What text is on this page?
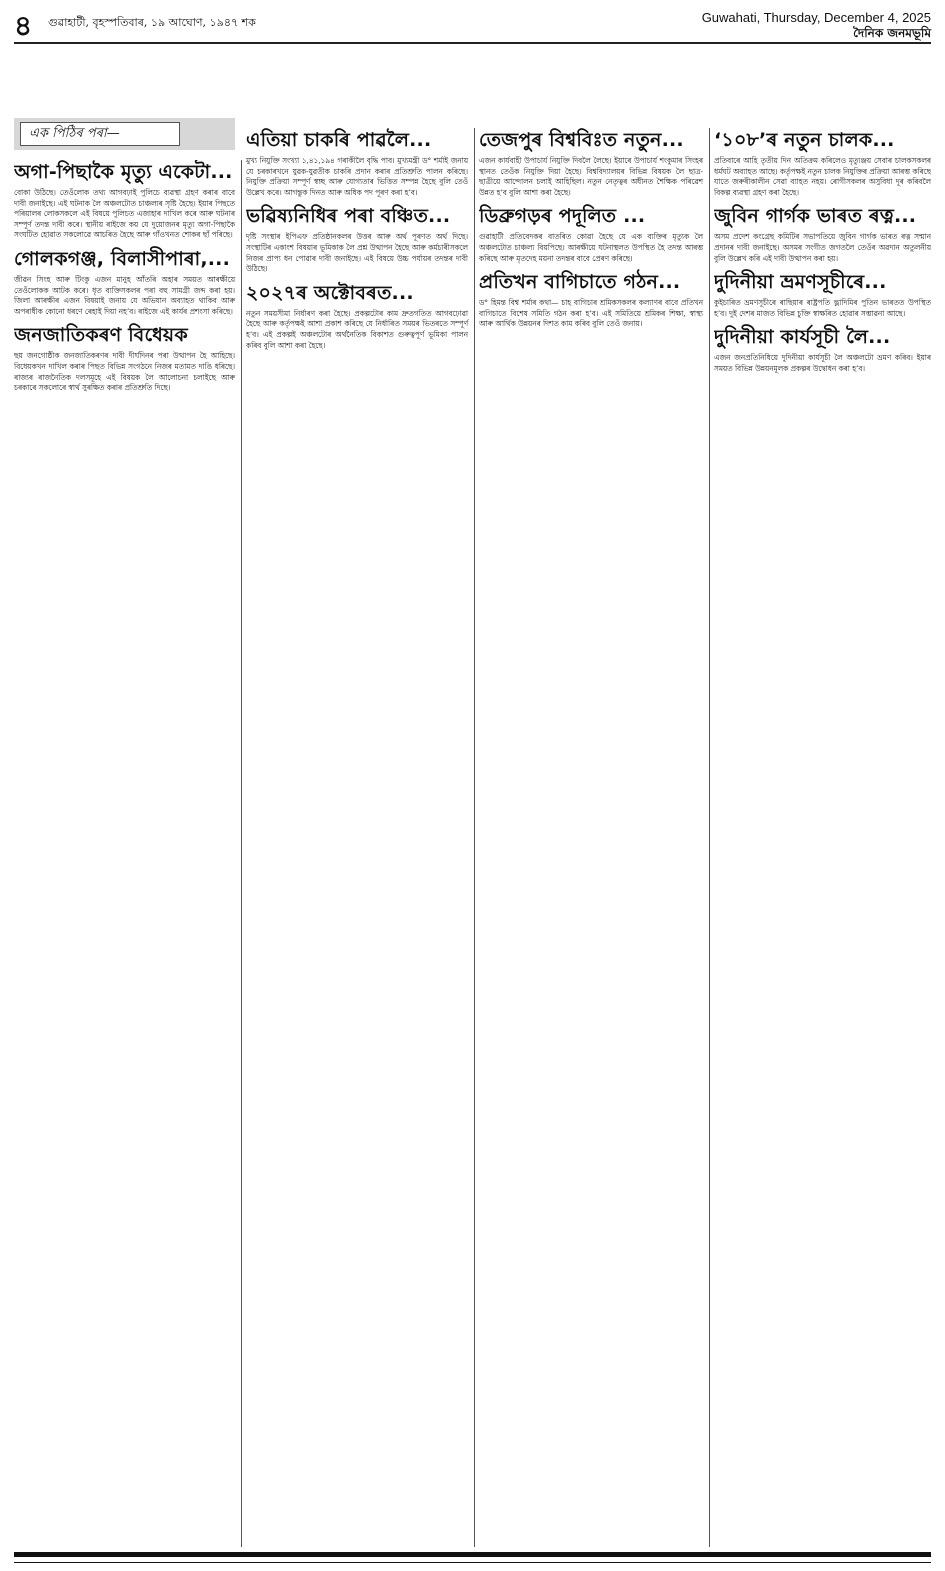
৪ গুৱাহাটী, বৃহস্পতিবাৰ, ১৯ আঘোণ, ১৯৪৭ শক	Guwahati, Thursday, December 4, 2025
দৈনিক জনমভূমি
এক পিঠিৰ পৰা—
অগা-পিছাকৈ মৃত্যু একেটা...
বোকা উঠিছে। তেওঁলোক তথ্য আগবঢ়াই পুলিচে ব্যৱস্থা গ্ৰহণ কৰাৰ বাবে দাবী জনাইছে। এই ঘটনাক লৈ অঞ্চলটোত চাঞ্চল্যৰ সৃষ্টি হৈছে। ইয়াৰ পিছতে পৰিয়ালৰ লোকসকলে এই বিষয়ে পুলিচত এজাহাৰ দাখিল কৰে আৰু ঘটনাৰ সম্পূৰ্ণ তদন্ত দাবী কৰে। স্থানীয় ৰাইজে কয় যে দুয়োজনৰ মৃত্যু অগা-পিছাকৈ সংঘটিত হোৱাত সকলোৱে আচৰিত হৈছে আৰু গাঁওখনত শোকৰ ছাঁ পৰিছে।
গোলকগঞ্জ, বিলাসীপাৰা,...
জীৱন সিংহ আৰু টিংকু এজন মানুহ আঁতৰি অহাৰ সময়ত আৰক্ষীয়ে তেওঁলোকক আটক কৰে। ধৃত ব্যক্তিসকলৰ পৰা বহু সামগ্ৰী জব্দ কৰা হয়। জিলা আৰক্ষীৰ এজন বিষয়াই জনায় যে অভিযান অব্যাহত থাকিব আৰু অপৰাধীক কোনো ধৰণে ৰেহাই দিয়া নহ’ব। ৰাইজে এই কাৰ্যৰ প্ৰশংসা কৰিছে।
জনজাতিকৰণ বিধেয়ক
ছয় জনগোষ্ঠীক জনজাতিকৰণৰ দাবী দীৰ্ঘদিনৰ পৰা উত্থাপন হৈ আহিছে। বিধেয়কখন দাখিল কৰাৰ পিছত বিভিন্ন সংগঠনে নিজৰ মতামত দাঙি ধৰিছে। ৰাজ্যৰ ৰাজনৈতিক দলসমূহে এই বিষয়ক লৈ আলোচনা চলাইছে আৰু চৰকাৰে সকলোৰে স্বাৰ্থ সুৰক্ষিত কৰাৰ প্ৰতিশ্ৰুতি দিছে।
এতিয়া চাকৰি পাৱলৈ...
মুখ্য নিযুক্তি সংখ্যা ১,৪১,১৯৪ গৰাকীলৈ বৃদ্ধি পাব। মুখ্যমন্ত্ৰী ড° শৰ্মাই জনায় যে চৰকাৰখনে যুৱক-যুৱতীক চাকৰি প্ৰদান কৰাৰ প্ৰতিশ্ৰুতি পালন কৰিছে। নিযুক্তি প্ৰক্ৰিয়া সম্পূৰ্ণ স্বচ্ছ আৰু যোগ্যতাৰ ভিত্তিত সম্পন্ন হৈছে বুলি তেওঁ উল্লেখ কৰে। আগন্তুক দিনত আৰু অধিক পদ পূৰণ কৰা হ’ব।
ভৱিষ্যনিধিৰ পৰা বঞ্চিত...
দৃষ্টি সংস্থাৰ ইপিএফ প্ৰতিষ্ঠানকলৰ উত্তৰ আৰু অৰ্থ পূৰণত অৰ্থ দিছে। সংস্থাটিৰ একাংশ বিষয়াৰ ভূমিকাক লৈ প্ৰশ্ন উত্থাপন হৈছে আৰু কৰ্মচাৰীসকলে নিজৰ প্ৰাপ্য ধন পোৱাৰ দাবী জনাইছে। এই বিষয়ে উচ্চ পৰ্যায়ৰ তদন্তৰ দাবী উঠিছে।
২০২৭ৰ অক্টোবৰত...
নতুন সময়সীমা নিৰ্ধাৰণ কৰা হৈছে। প্ৰকল্পটোৰ কাম দ্ৰুতগতিত আগবঢ়োৱা হৈছে আৰু কৰ্তৃপক্ষই আশা প্ৰকাশ কৰিছে যে নিৰ্ধাৰিত সময়ৰ ভিতৰতে সম্পূৰ্ণ হ’ব। এই প্ৰকল্পই অঞ্চলটোৰ অৰ্থনৈতিক বিকাশত গুৰুত্বপূৰ্ণ ভূমিকা পালন কৰিব বুলি আশা কৰা হৈছে।
তেজপুৰ বিশ্ববিঃত নতুন...
এজন কাৰ্যবাহী উপাচাৰ্য নিযুক্তি দিবলৈ লৈছে। ইয়াৰে উপাচাৰ্য শংকুমাৰ সিংহৰ স্থানত তেওঁক নিযুক্তি দিয়া হৈছে। বিশ্ববিদ্যালয়ৰ বিভিন্ন বিষয়ক লৈ ছাত্ৰ-ছাত্ৰীয়ে আন্দোলন চলাই আহিছিল। নতুন নেতৃত্বৰ অধীনত শৈক্ষিক পৰিৱেশ উন্নত হ’ব বুলি আশা কৰা হৈছে।
ডিব্ৰুগড়ৰ পদূলিত ...
গুৱাহাটী প্ৰতিবেদকৰ বাতৰিত কোৱা হৈছে যে এক ব্যক্তিৰ মৃত্যুক লৈ অঞ্চলটোত চাঞ্চল্য বিয়পিছে। আৰক্ষীয়ে ঘটনাস্থলত উপস্থিত হৈ তদন্ত আৰম্ভ কৰিছে আৰু মৃতদেহ ময়না তদন্তৰ বাবে প্ৰেৰণ কৰিছে।
প্ৰতিখন বাগিচাতে গঠন...
ড° হিমন্ত বিশ্ব শৰ্মাৰ কথা— চাহ বাগিচাৰ শ্ৰমিকসকলৰ কল্যাণৰ বাবে প্ৰতিখন বাগিচাতে বিশেষ সমিতি গঠন কৰা হ’ব। এই সমিতিয়ে শ্ৰমিকৰ শিক্ষা, স্বাস্থ্য আৰু আৰ্থিক উন্নয়নৰ দিশত কাম কৰিব বুলি তেওঁ জনায়।
‘১০৮’ৰ নতুন চালক...
প্ৰতিবাৰে আহি তৃতীয় দিন অতিক্ৰম কৰিলেও মৃত্যুঞ্জয় সেবাৰ চালকসকলৰ ধৰ্মঘট অব্যাহত আছে। কৰ্তৃপক্ষই নতুন চালক নিযুক্তিৰ প্ৰক্ৰিয়া আৰম্ভ কৰিছে যাতে জৰুৰীকালীন সেৱা ব্যাহত নহয়। ৰোগীসকলৰ অসুবিধা দূৰ কৰিবলৈ বিকল্প ব্যৱস্থা গ্ৰহণ কৰা হৈছে।
জুবিন গাৰ্গক ভাৰত ৰত্ন...
অসম প্ৰদেশ কংগ্ৰেছ কমিটিৰ সভাপতিয়ে জুবিন গাৰ্গক ভাৰত ৰত্ন সন্মান প্ৰদানৰ দাবী জনাইছে। অসমৰ সংগীত জগতলৈ তেওঁৰ অৱদান অতুলনীয় বুলি উল্লেখ কৰি এই দাবী উত্থাপন কৰা হয়।
দুদিনীয়া ভ্ৰমণসূচীৰে...
কুইচাৰিত ভ্ৰমণসূচীৰে ৰাছিয়াৰ ৰাষ্ট্ৰপতি ভ্লাদিমিৰ পুতিন ভাৰতত উপস্থিত হ’ব। দুই দেশৰ মাজত বিভিন্ন চুক্তি স্বাক্ষৰিত হোৱাৰ সম্ভাৱনা আছে।
দুদিনীয়া কাৰ্যসূচী লৈ...
এজন জনপ্ৰতিনিধিয়ে দুদিনীয়া কাৰ্যসূচী লৈ অঞ্চলটো ভ্ৰমণ কৰিব। ইয়াৰ সময়ত বিভিন্ন উন্নয়নমূলক প্ৰকল্পৰ উদ্বোধন কৰা হ’ব।
